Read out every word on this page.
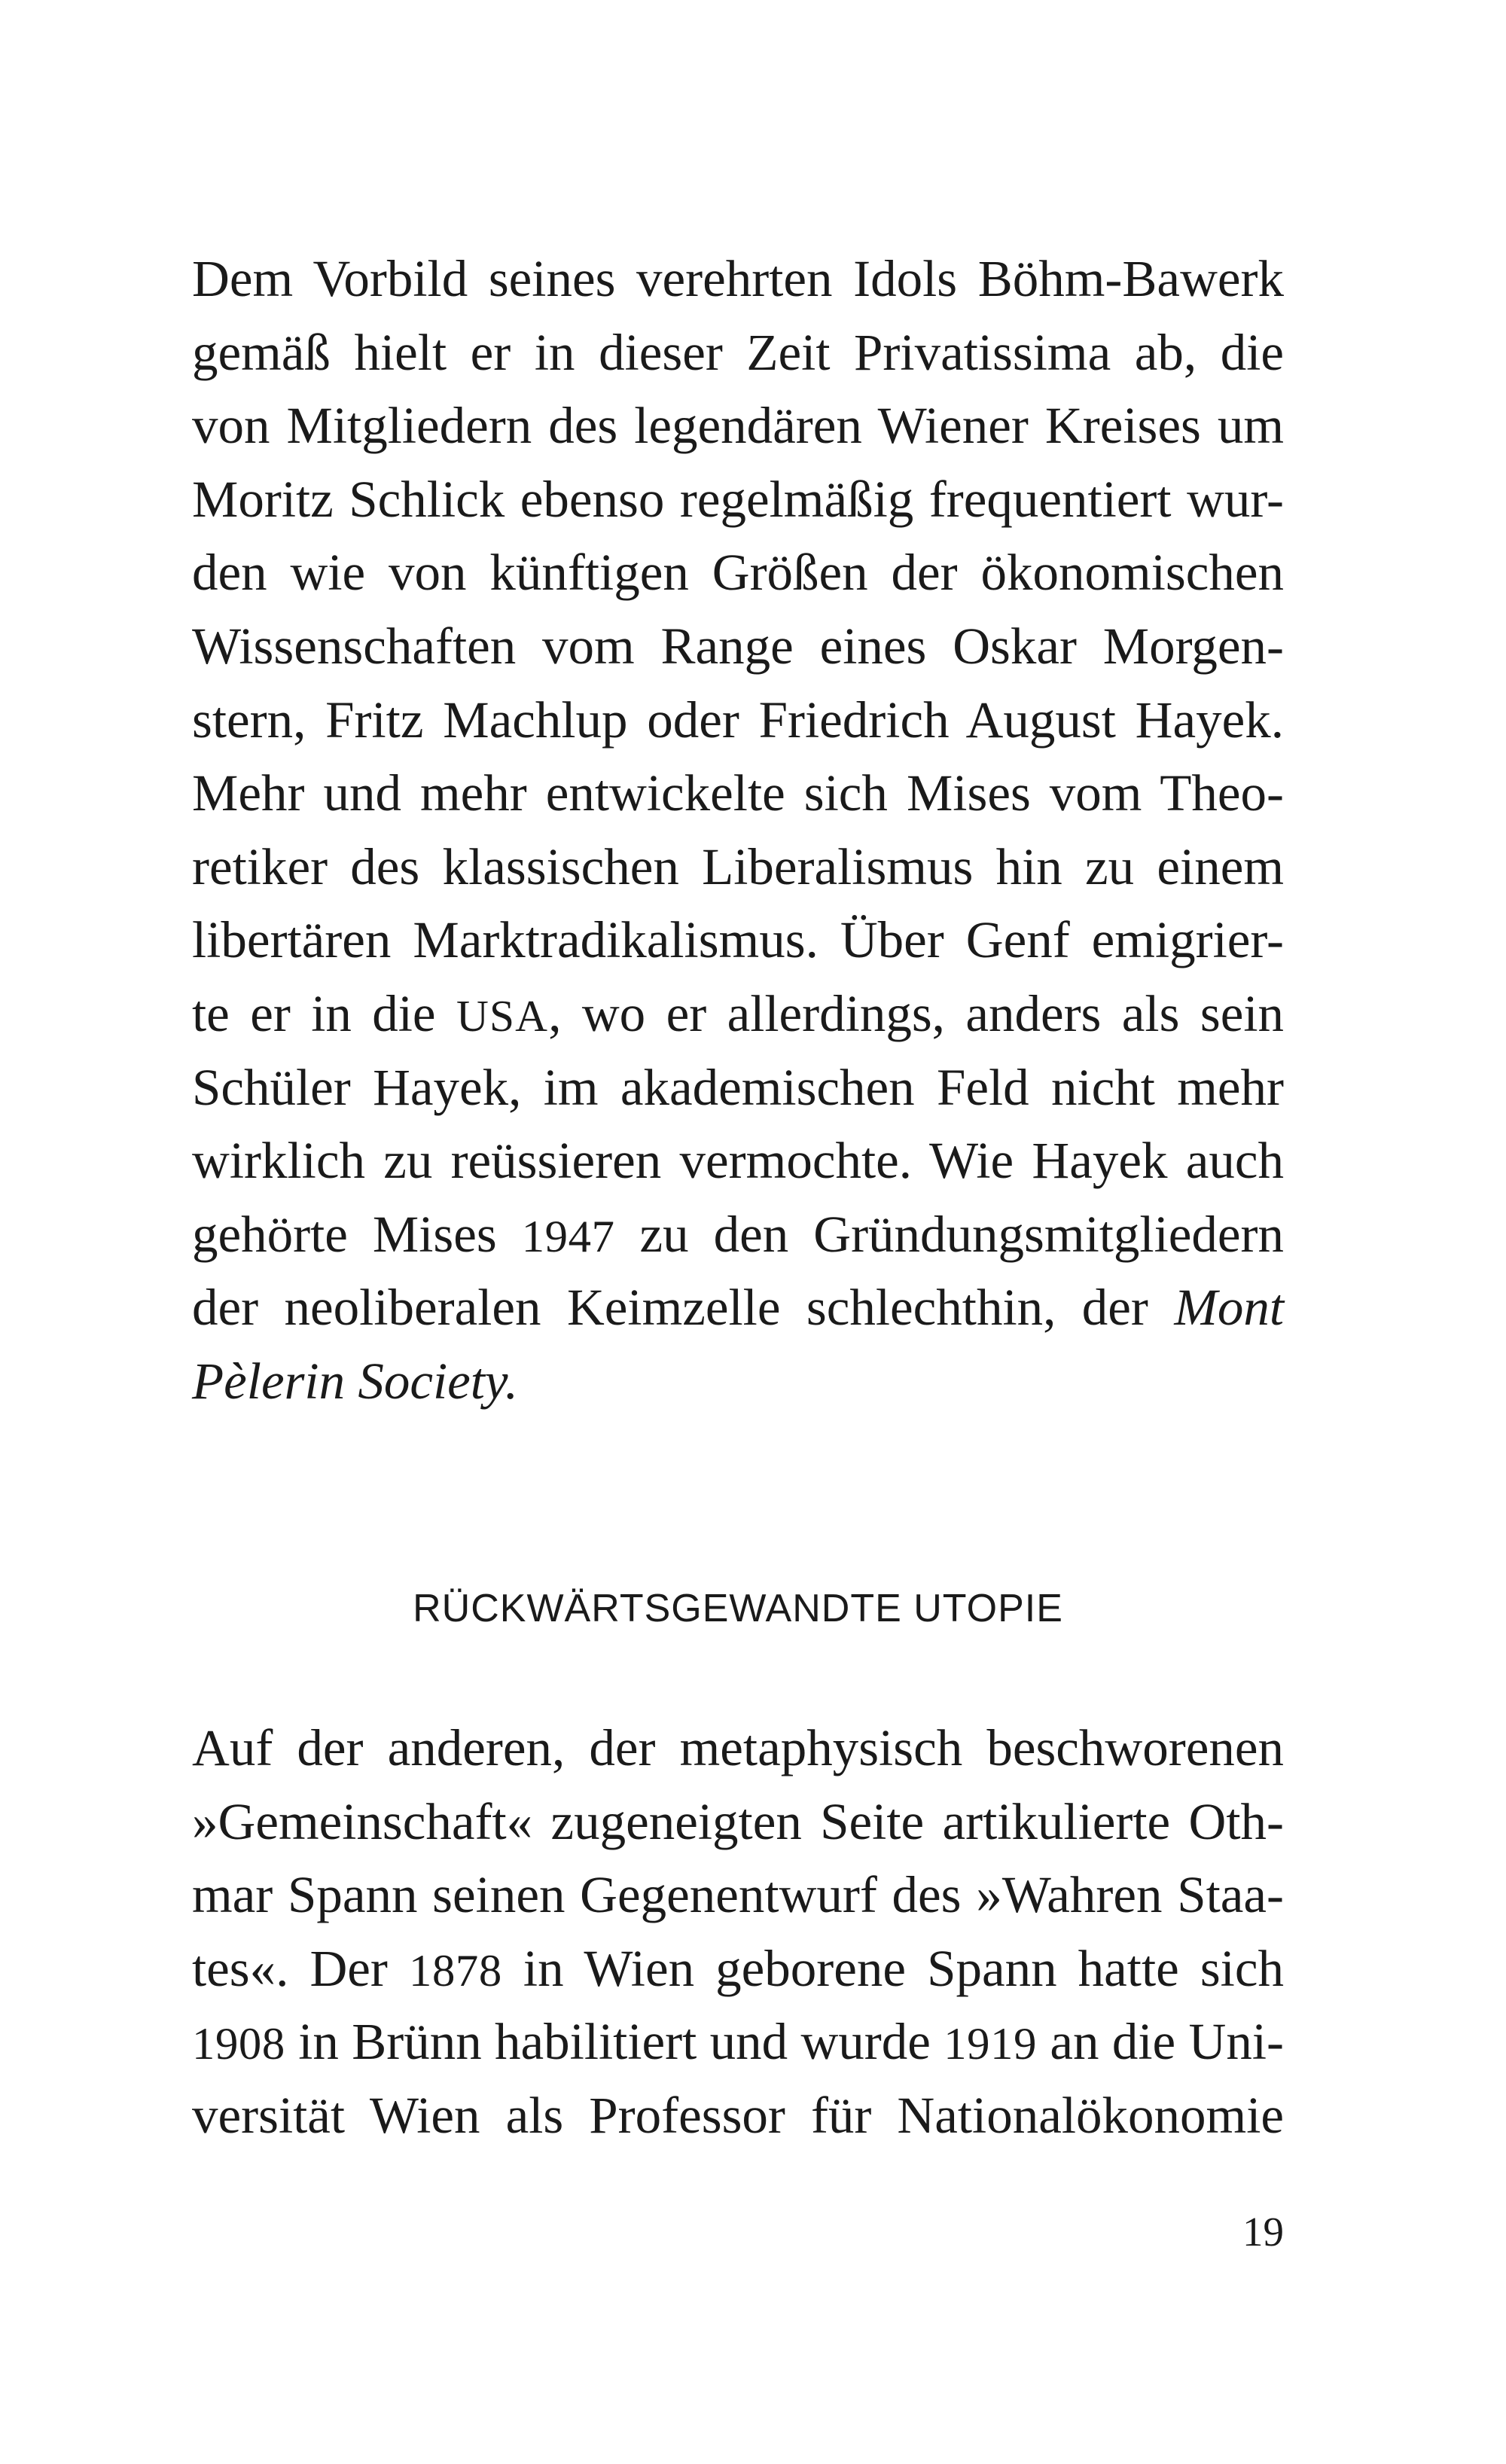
Dem Vorbild seines verehrten Idols Böhm-Bawerk
gemäß hielt er in dieser Zeit Privatissima ab, die
von Mitgliedern des legendären Wiener Kreises um
Moritz Schlick ebenso regelmäßig frequentiert wur-
den wie von künftigen Größen der ökonomischen
Wissenschaften vom Range eines Oskar Morgen-
stern, Fritz Machlup oder Friedrich August Hayek.
Mehr und mehr entwickelte sich Mises vom Theo-
retiker des klassischen Liberalismus hin zu einem
libertären Marktradikalismus. Über Genf emigrier-
te er in die USA, wo er allerdings, anders als sein
Schüler Hayek, im akademischen Feld nicht mehr
wirklich zu reüssieren vermochte. Wie Hayek auch
gehörte Mises 1947 zu den Gründungsmitgliedern
der neoliberalen Keimzelle schlechthin, der Mont
Pèlerin Society.
RÜCKWÄRTSGEWANDTE UTOPIE
Auf der anderen, der metaphysisch beschworenen
»Gemeinschaft« zugeneigten Seite artikulierte Oth-
mar Spann seinen Gegenentwurf des »Wahren Staa-
tes«. Der 1878 in Wien geborene Spann hatte sich
1908 in Brünn habilitiert und wurde 1919 an die Uni-
versität Wien als Professor für Nationalökonomie
19
